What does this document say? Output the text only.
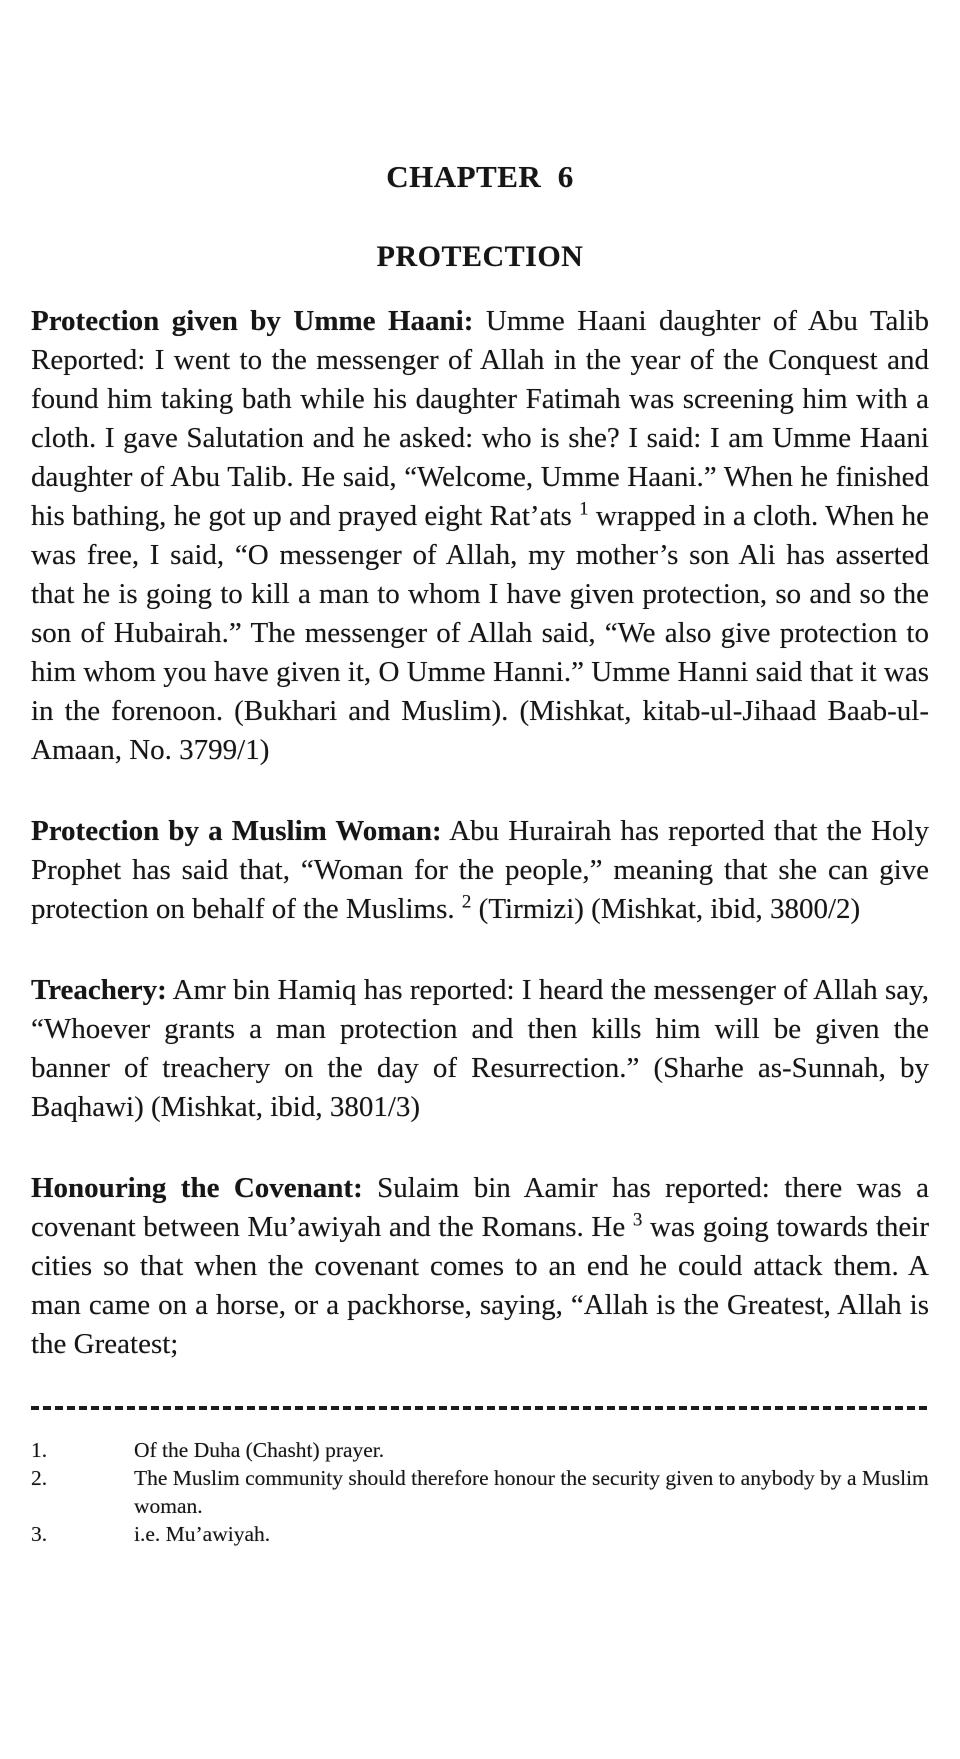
CHAPTER  6
PROTECTION

Protection given by Umme Haani: Umme Haani daughter of Abu Talib Reported: I went to the messenger of Allah in the year of the Conquest and found him taking bath while his daughter Fatimah was screening him with a cloth. I gave Salutation and he asked: who is she? I said: I am Umme Haani daughter of Abu Talib. He said, “Welcome, Umme Haani.” When he finished his bathing, he got up and prayed eight Rat’ats $^1$ wrapped in a cloth. When he was free, I said, “O messenger of Allah, my mother’s son Ali has asserted that he is going to kill a man to whom I have given protection, so and so the son of Hubairah.” The messenger of Allah said, “We also give protection to him whom you have given it, O Umme Hanni.” Umme Hanni said that it was in the forenoon. (Bukhari and Muslim). (Mishkat, kitab-ul-Jihaad Baab-ul-Amaan, No. 3799/1)

Protection by a Muslim Woman: Abu Hurairah has reported that the Holy Prophet has said that, “Woman for the people,” meaning that she can give protection on behalf of the Muslims. $^2$ (Tirmizi) (Mishkat, ibid, 3800/2)

Treachery: Amr bin Hamiq has reported: I heard the messenger of Allah say, “Whoever grants a man protection and then kills him will be given the banner of treachery on the day of Resurrection.” (Sharhe as-Sunnah, by Baqhawi) (Mishkat, ibid, 3801/3)

Honouring the Covenant: Sulaim bin Aamir has reported: there was a covenant between Mu’awiyah and the Romans. He $^3$ was going towards their cities so that when the covenant comes to an end he could attack them. A man came on a horse, or a packhorse, saying, “Allah is the Greatest, Allah is the Greatest;

1.	Of the Duha (Chasht) prayer.
2.	The Muslim community should therefore honour the security given to anybody by a Muslim woman.
3.	i.e. Mu’awiyah.
